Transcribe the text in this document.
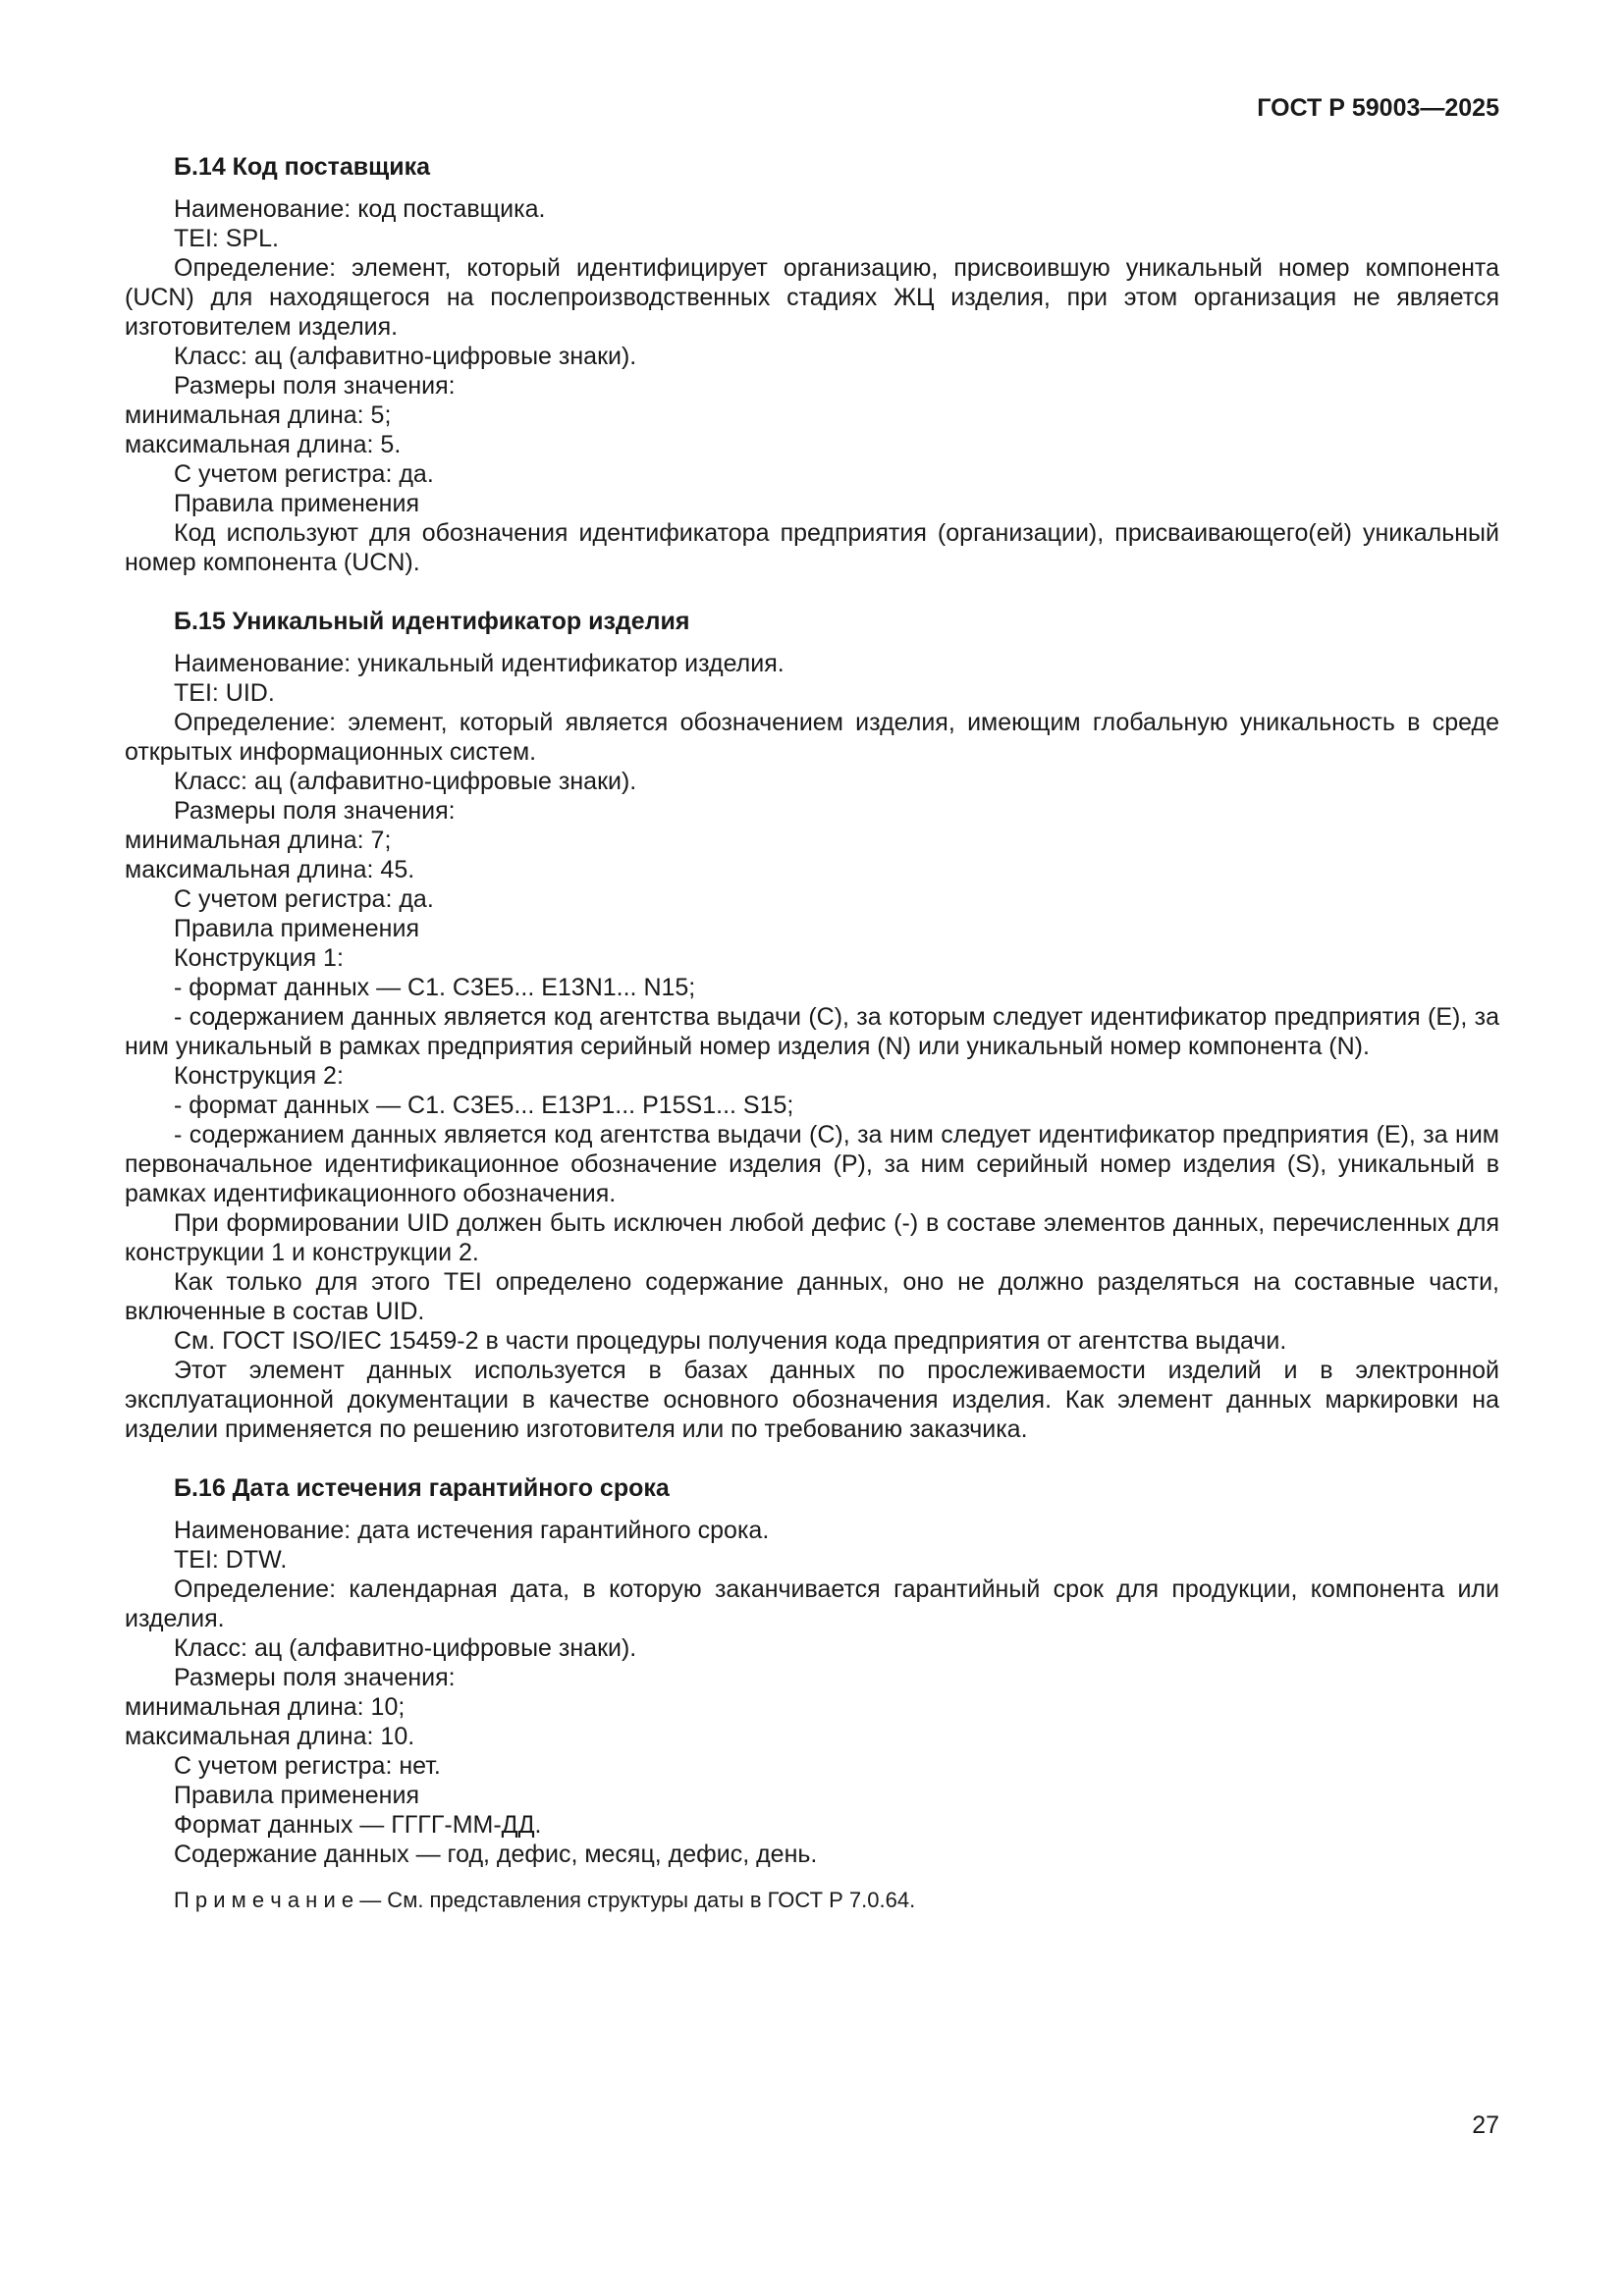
ГОСТ Р 59003—2025
Б.14 Код поставщика

Наименование: код поставщика.

TEI: SPL.

Определение: элемент, который идентифицирует организацию, присвоившую уникальный номер компонента (UCN) для находящегося на послепроизводственных стадиях ЖЦ изделия, при этом организация не является изготовителем изделия.

Класс: ац (алфавитно-цифровые знаки).

Размеры поля значения:

минимальная длина: 5;

максимальная длина: 5.

С учетом регистра: да.

Правила применения

Код используют для обозначения идентификатора предприятия (организации), присваивающего(ей) уникальный номер компонента (UCN).

Б.15 Уникальный идентификатор изделия

Наименование: уникальный идентификатор изделия.

TEI: UID.

Определение: элемент, который является обозначением изделия, имеющим глобальную уникальность в среде открытых информационных систем.

Класс: ац (алфавитно-цифровые знаки).

Размеры поля значения:

минимальная длина: 7;

максимальная длина: 45.

С учетом регистра: да.

Правила применения

Конструкция 1:

- формат данных — С1. С3Е5... Е13N1... N15;

- содержанием данных является код агентства выдачи (С), за которым следует идентификатор предприятия (Е), за ним уникальный в рамках предприятия серийный номер изделия (N) или уникальный номер компонента (N).

Конструкция 2:

- формат данных — С1. С3Е5... Е13Р1... Р15S1... S15;

- содержанием данных является код агентства выдачи (С), за ним следует идентификатор предприятия (Е), за ним первоначальное идентификационное обозначение изделия (Р), за ним серийный номер изделия (S), уникальный в рамках идентификационного обозначения.

При формировании UID должен быть исключен любой дефис (-) в составе элементов данных, перечисленных для конструкции 1 и конструкции 2.

Как только для этого TEI определено содержание данных, оно не должно разделяться на составные части, включенные в состав UID.

См. ГОСТ ISO/IEC 15459-2 в части процедуры получения кода предприятия от агентства выдачи.

Этот элемент данных используется в базах данных по прослеживаемости изделий и в электронной эксплуатационной документации в качестве основного обозначения изделия. Как элемент данных маркировки на изделии применяется по решению изготовителя или по требованию заказчика.

Б.16 Дата истечения гарантийного срока

Наименование: дата истечения гарантийного срока.

TEI: DTW.

Определение: календарная дата, в которую заканчивается гарантийный срок для продукции, компонента или изделия.

Класс: ац (алфавитно-цифровые знаки).

Размеры поля значения:

минимальная длина: 10;

максимальная длина: 10.

С учетом регистра: нет.

Правила применения

Формат данных — ГГГГ-ММ-ДД.

Содержание данных — год, дефис, месяц, дефис, день.

П р и м е ч а н и е — См. представления структуры даты в ГОСТ Р 7.0.64.

27
